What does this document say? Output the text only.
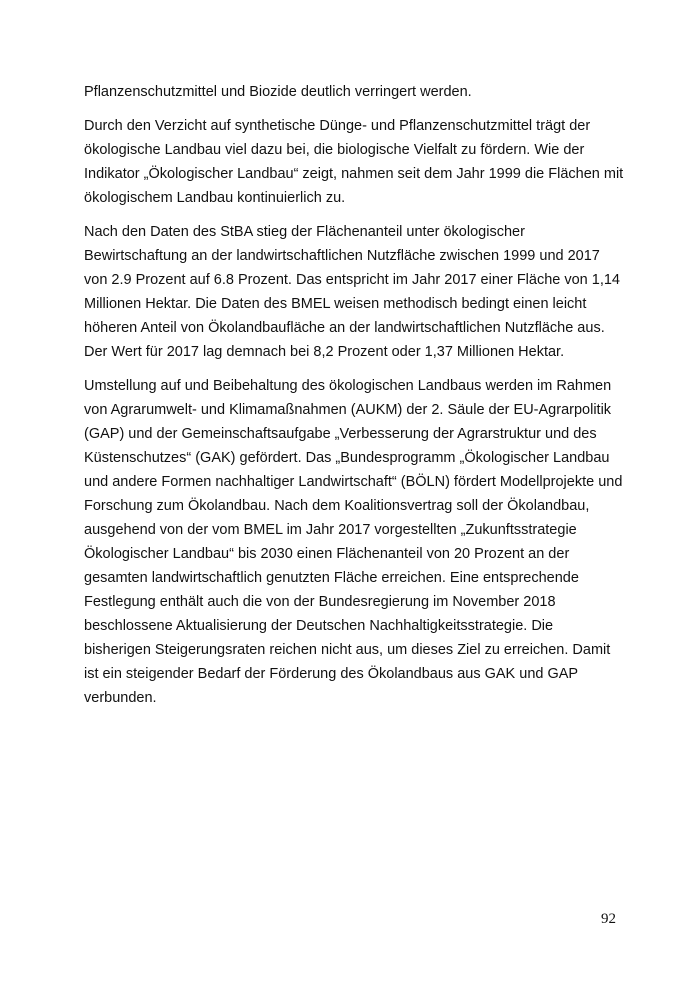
Pflanzenschutzmittel und Biozide deutlich verringert werden.

Durch den Verzicht auf synthetische Dünge- und Pflanzenschutzmittel trägt der ökologische Landbau viel dazu bei, die biologische Vielfalt zu fördern. Wie der Indikator „Ökologischer Landbau“ zeigt, nahmen seit dem Jahr 1999 die Flächen mit ökologischem Landbau kontinuierlich zu.

Nach den Daten des StBA stieg der Flächenanteil unter ökologischer Bewirtschaftung an der landwirtschaftlichen Nutzfläche zwischen 1999 und 2017 von 2.9 Prozent auf 6.8 Prozent. Das entspricht im Jahr 2017 einer Fläche von 1,14 Millionen Hektar. Die Daten des BMEL weisen methodisch bedingt einen leicht höheren Anteil von Ökolandbaufläche an der landwirtschaftlichen Nutzfläche aus. Der Wert für 2017 lag demnach bei 8,2 Prozent oder 1,37 Millionen Hektar.

Umstellung auf und Beibehaltung des ökologischen Landbaus werden im Rahmen von Agrarumwelt- und Klimamaßnahmen (AUKM) der 2. Säule der EU-Agrarpolitik (GAP) und der Gemeinschaftsaufgabe „Verbesserung der Agrarstruktur und des Küstenschutzes“ (GAK) gefördert. Das „Bundesprogramm „Ökologischer Landbau und andere Formen nachhaltiger Landwirtschaft“ (BÖLN) fördert Modellprojekte und Forschung zum Ökolandbau. Nach dem Koalitionsvertrag soll der Ökolandbau, ausgehend von der vom BMEL im Jahr 2017 vorgestellten „Zukunftsstrategie Ökologischer Landbau“ bis 2030 einen Flächenanteil von 20 Prozent an der gesamten landwirtschaftlich genutzten Fläche erreichen. Eine entsprechende Festlegung enthält auch die von der Bundesregierung im November 2018 beschlossene Aktualisierung der Deutschen Nachhaltigkeitsstrategie. Die bisherigen Steigerungsraten reichen nicht aus, um dieses Ziel zu erreichen. Damit ist ein steigender Bedarf der Förderung des Ökolandbaus aus GAK und GAP verbunden.

92
